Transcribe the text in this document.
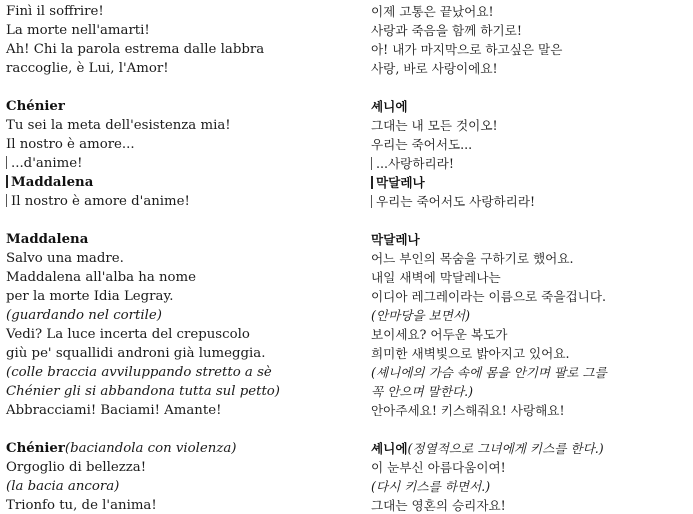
Finì il soffrire!
La morte nell'amarti!
Ah! Chi la parola estrema dalle labbra
raccoglie, è Lui, l'Amor!
Chénier
Tu sei la meta dell'esistenza mia!
Il nostro è amore...
...d'anime!
Maddalena
Il nostro è amore d'anime!
Maddalena
Salvo una madre.
Maddalena all'alba ha nome
per la morte Idia Legray.
(guardando nel cortile)
Vedi? La luce incerta del crepuscolo
giù pe' squallidi androni già lumeggia.
(colle braccia avviluppando stretto a sè
Chénier gli si abbandona tutta sul petto)
Abbracciami! Baciami! Amante!
Chénier(baciandola con violenza)
Orgoglio di bellezza!
(la bacia ancora)
Trionfo tu, de l'anima!
이제 고통은 끝났어요!
사랑과 죽음을 함께 하기로!
아! 내가 마지막으로 하고싶은 말은
사랑, 바로 사랑이에요!
셰니에
그대는 내 모든 것이오!
우리는 죽어서도...
...사랑하리라!
막달레나
우리는 죽어서도 사랑하리라!
막달레나
어느 부인의 목숨을 구하기로 했어요.
내일 새벽에 막달레나는
이디아 레그레이라는 이름으로 죽을겁니다.
(안마당을 보면서)
보이세요? 어두운 복도가
희미한 새벽빛으로 밝아지고 있어요.
(셰니에의 가슴 속에 몸을 안기며 팔로 그를
꼭 안으며 말한다.)
안아주세요! 키스해줘요! 사랑해요!
셰니에(정열적으로 그녀에게 키스를 한다.)
이 눈부신 아름다움이여!
(다시 키스를 하면서.)
그대는 영혼의 승리자요!
